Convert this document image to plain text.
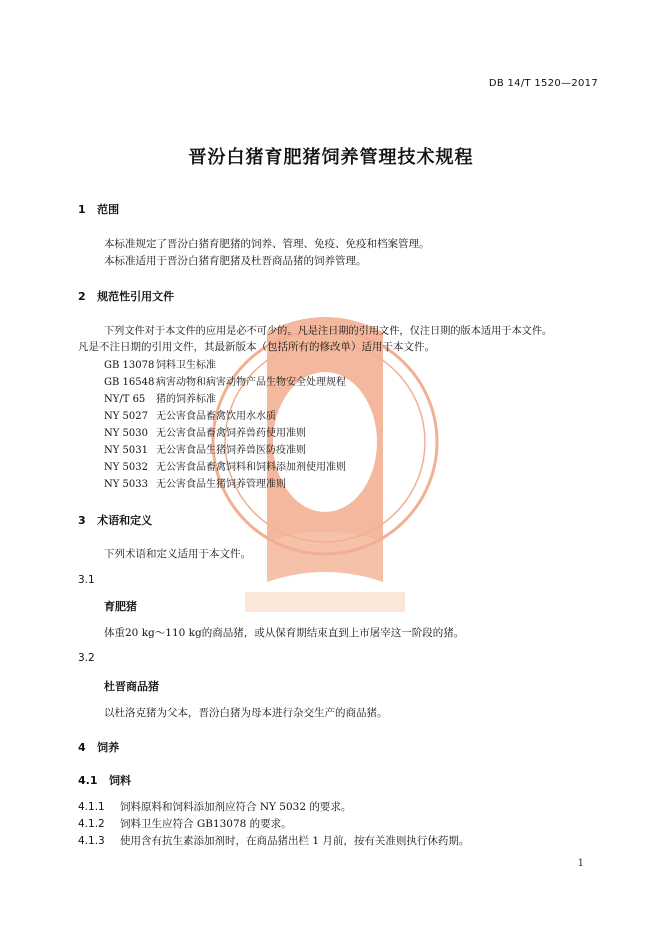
DB 14/T 1520—2017
晋汾白猪育肥猪饲养管理技术规程
1 范围
本标准规定了晋汾白猪育肥猪的饲养、管理、免疫、免疫和档案管理。
本标准适用于晋汾白猪育肥猪及杜晋商品猪的饲养管理。
2 规范性引用文件
下列文件对于本文件的应用是必不可少的。凡是注日期的引用文件，仅注日期的版本适用于本文件。
凡是不注日期的引用文件，其最新版本（包括所有的修改单）适用于本文件。
GB 13078 饲料卫生标准
GB 16548 病害动物和病害动物产品生物安全处理规程
NY/T 65 猪的饲养标准
NY 5027 无公害食品畜禽饮用水水质
NY 5030 无公害食品畜禽饲养兽药使用准则
NY 5031 无公害食品生猪饲养兽医防疫准则
NY 5032 无公害食品畜禽饲料和饲料添加剂使用准则
NY 5033 无公害食品生猪饲养管理准则
3 术语和定义
下列术语和定义适用于本文件。
3.1
育肥猪
体重20 kg～110 kg的商品猪，或从保育期结束直到上市屠宰这一阶段的猪。
3.2
杜晋商品猪
以杜洛克猪为父本，晋汾白猪为母本进行杂交生产的商品猪。
4 饲养
4.1 饲料
4.1.1 饲料原料和饲料添加剂应符合 NY 5032 的要求。
4.1.2 饲料卫生应符合 GB13078 的要求。
4.1.3 使用含有抗生素添加剂时，在商品猪出栏 1 月前，按有关准则执行休药期。
1
